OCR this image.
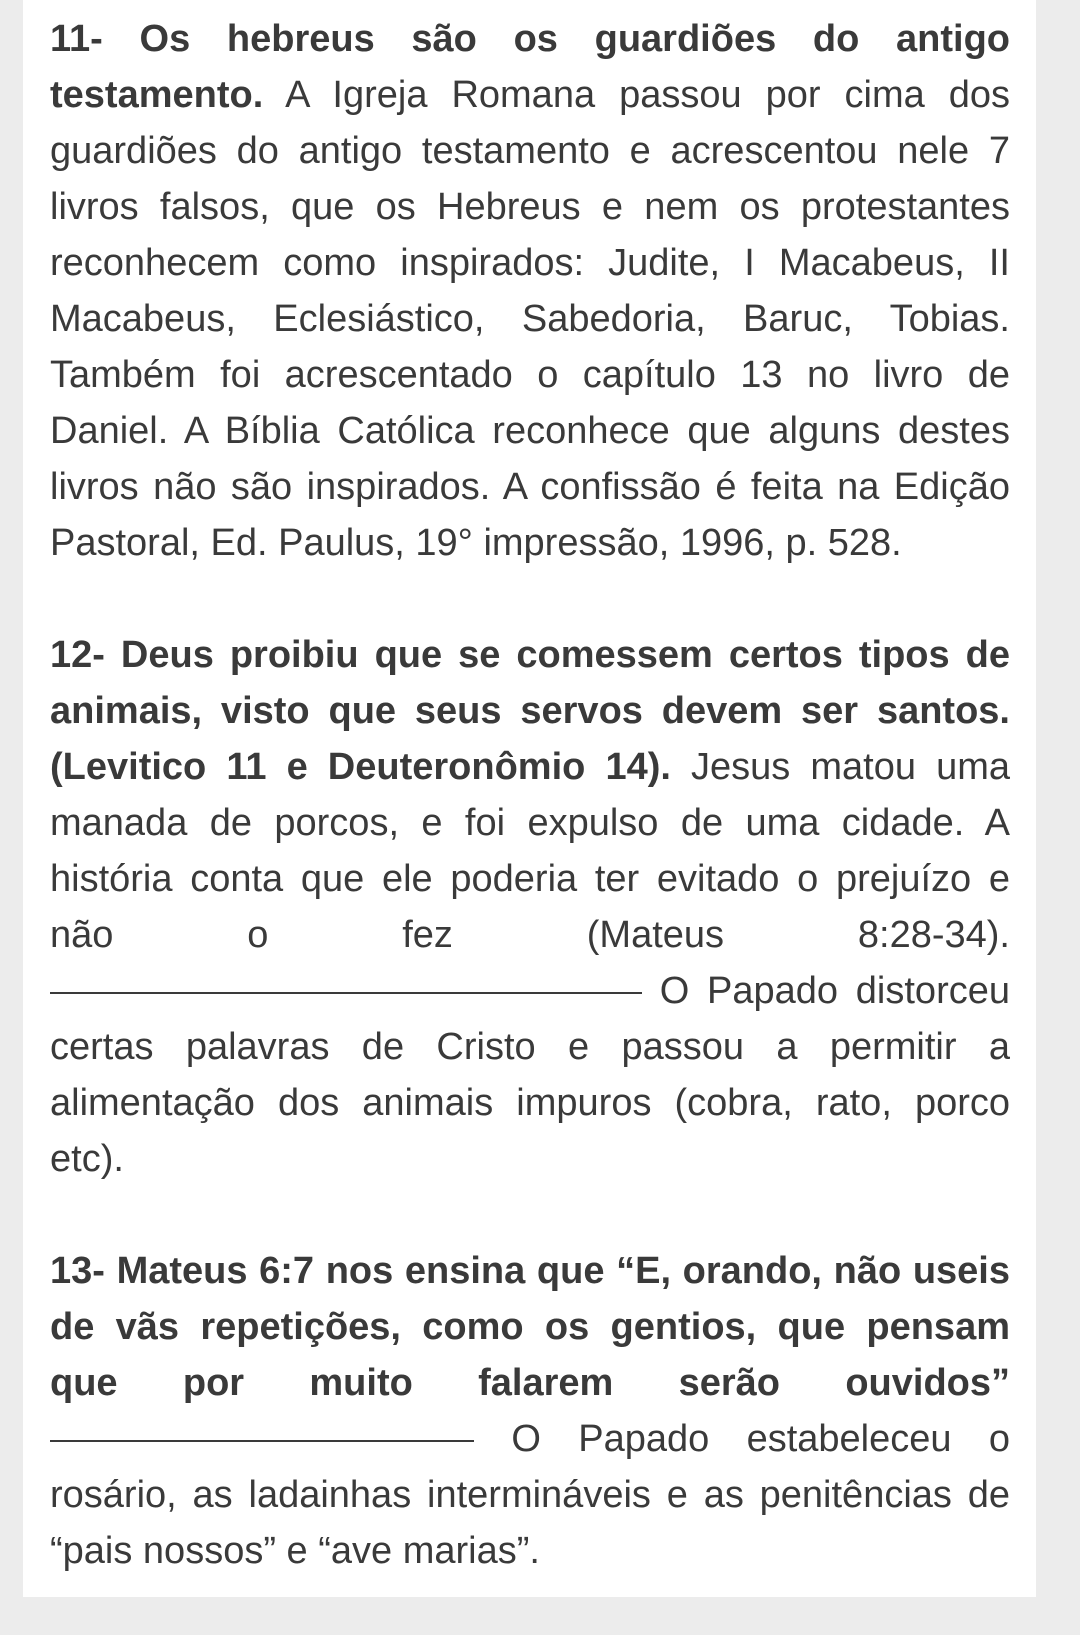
11- Os hebreus são os guardiões do antigo testamento. A Igreja Romana passou por cima dos guardiões do antigo testamento e acrescentou nele 7 livros falsos, que os Hebreus e nem os protestantes reconhecem como inspirados: Judite, I Macabeus, II Macabeus, Eclesiástico, Sabedoria, Baruc, Tobias. Também foi acrescentado o capítulo 13 no livro de Daniel. A Bíblia Católica reconhece que alguns destes livros não são inspirados. A confissão é feita na Edição Pastoral, Ed. Paulus, 19° impressão, 1996, p. 528.

12- Deus proibiu que se comessem certos tipos de animais, visto que seus servos devem ser santos. (Levitico 11 e Deuteronômio 14). Jesus matou uma manada de porcos, e foi expulso de uma cidade. A história conta que ele poderia ter evitado o prejuízo e não o fez (Mateus 8:28-34).  O Papado distorceu certas palavras de Cristo e passou a permitir a alimentação dos animais impuros (cobra, rato, porco etc).

13- Mateus 6:7 nos ensina que “E, orando, não useis de vãs repetições, como os gentios, que pensam que por muito falarem serão ouvidos”  O Papado estabeleceu o rosário, as ladainhas intermináveis e as penitências de “pais nossos” e “ave marias”.
